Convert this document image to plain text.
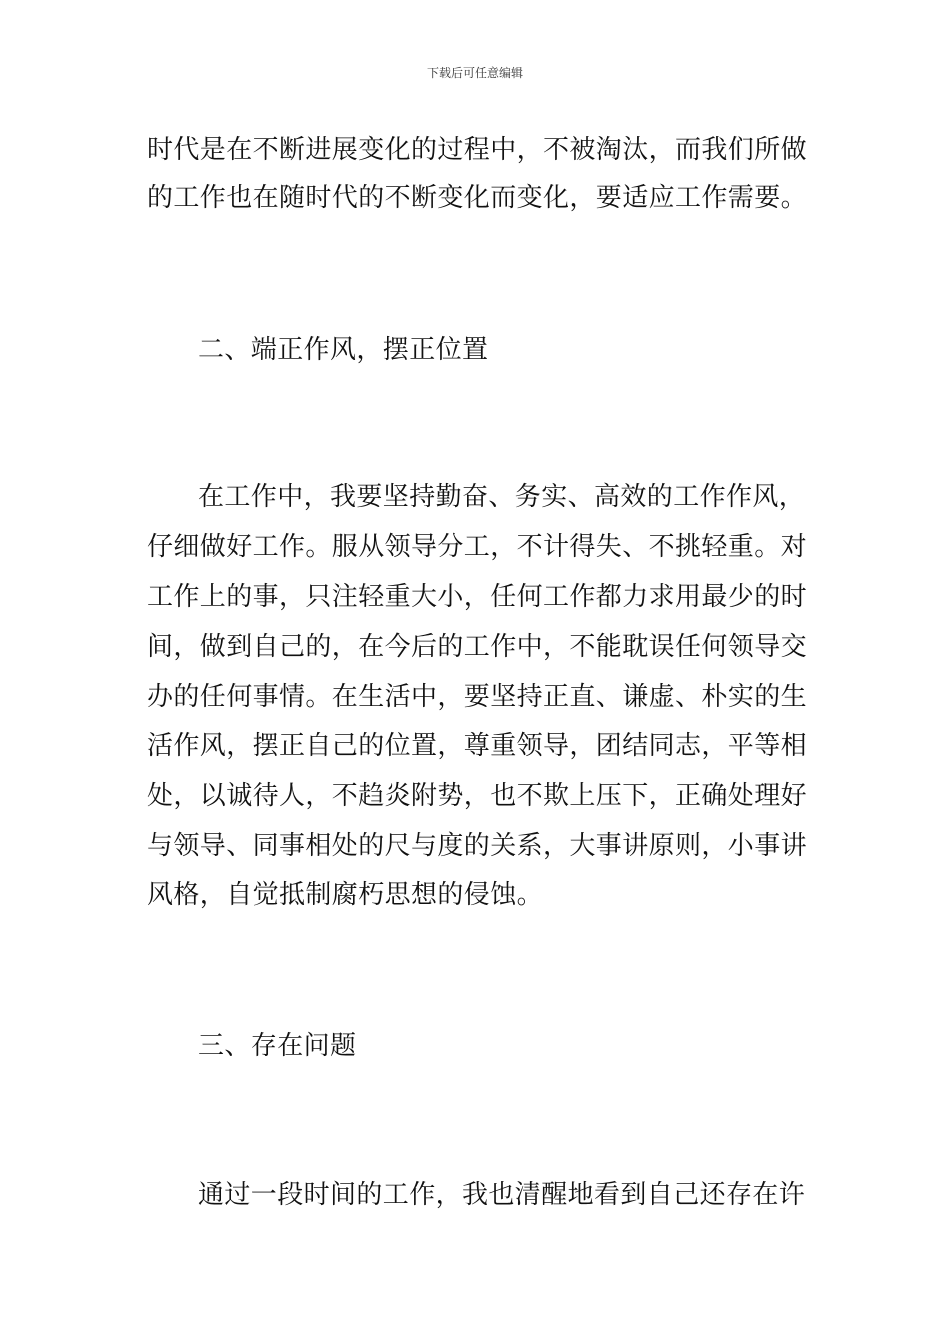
下载后可任意编辑
时代是在不断进展变化的过程中，不被淘汰，而我们所做
的工作也在随时代的不断变化而变化，要适应工作需要。
二、端正作风，摆正位置
在工作中，我要坚持勤奋、务实、高效的工作作风，
仔细做好工作。服从领导分工，不计得失、不挑轻重。对
工作上的事，只注轻重大小，任何工作都力求用最少的时
间，做到自己的，在今后的工作中，不能耽误任何领导交
办的任何事情。在生活中，要坚持正直、谦虚、朴实的生
活作风，摆正自己的位置，尊重领导，团结同志，平等相
处，以诚待人，不趋炎附势，也不欺上压下，正确处理好
与领导、同事相处的尺与度的关系，大事讲原则，小事讲
风格，自觉抵制腐朽思想的侵蚀。
三、存在问题
通过一段时间的工作，我也清醒地看到自己还存在许
